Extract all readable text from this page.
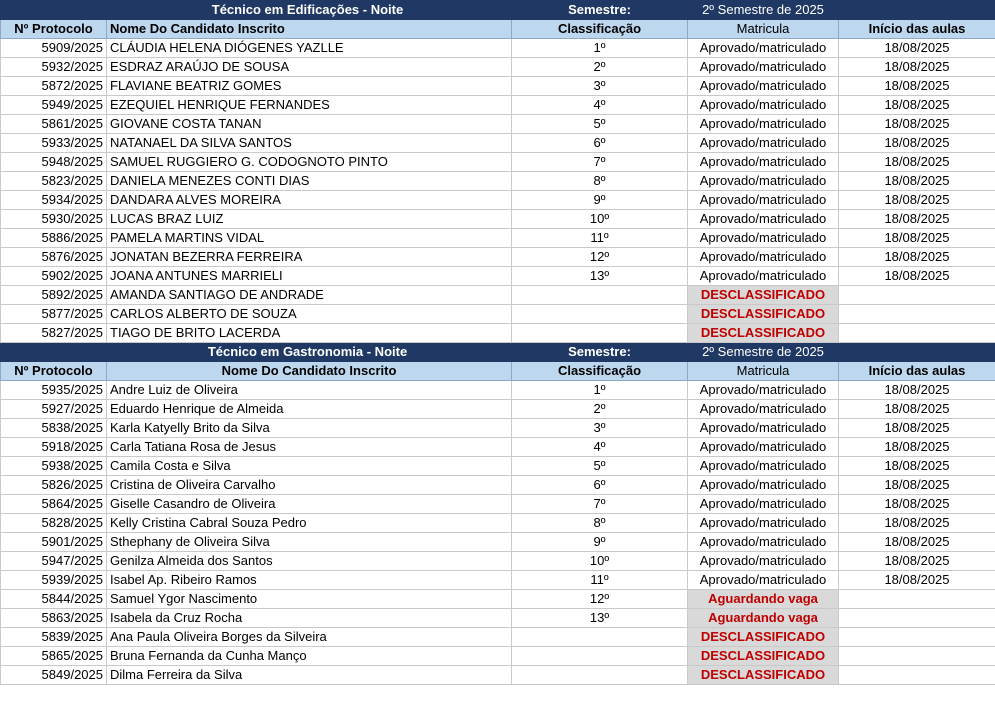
	Técnico em Edificações - Noite	Semestre:	2º Semestre de 2025	
Nº Protocolo	Nome Do Candidato Inscrito	Classificação	Matricula	Início das aulas
5909/2025	CLÁUDIA HELENA DIÓGENES YAZLLE	1º	Aprovado/matriculado	18/08/2025
5932/2025	ESDRAZ ARAÚJO DE SOUSA	2º	Aprovado/matriculado	18/08/2025
5872/2025	FLAVIANE BEATRIZ GOMES	3º	Aprovado/matriculado	18/08/2025
5949/2025	EZEQUIEL HENRIQUE FERNANDES	4º	Aprovado/matriculado	18/08/2025
5861/2025	GIOVANE COSTA TANAN	5º	Aprovado/matriculado	18/08/2025
5933/2025	NATANAEL DA SILVA SANTOS	6º	Aprovado/matriculado	18/08/2025
5948/2025	SAMUEL RUGGIERO G. CODOGNOTO PINTO	7º	Aprovado/matriculado	18/08/2025
5823/2025	DANIELA MENEZES CONTI DIAS	8º	Aprovado/matriculado	18/08/2025
5934/2025	DANDARA ALVES MOREIRA	9º	Aprovado/matriculado	18/08/2025
5930/2025	LUCAS BRAZ LUIZ	10º	Aprovado/matriculado	18/08/2025
5886/2025	PAMELA MARTINS VIDAL	11º	Aprovado/matriculado	18/08/2025
5876/2025	JONATAN BEZERRA FERREIRA	12º	Aprovado/matriculado	18/08/2025
5902/2025	JOANA ANTUNES MARRIELI	13º	Aprovado/matriculado	18/08/2025
5892/2025	AMANDA SANTIAGO DE ANDRADE		DESCLASSIFICADO	
5877/2025	CARLOS ALBERTO DE SOUZA		DESCLASSIFICADO	
5827/2025	TIAGO DE BRITO LACERDA		DESCLASSIFICADO	
	Técnico em Gastronomia - Noite	Semestre:	2º Semestre de 2025	
Nº Protocolo	Nome Do Candidato Inscrito	Classificação	Matricula	Início das aulas
5935/2025	Andre Luiz de Oliveira	1º	Aprovado/matriculado	18/08/2025
5927/2025	Eduardo Henrique de Almeida	2º	Aprovado/matriculado	18/08/2025
5838/2025	Karla Katyelly Brito da Silva	3º	Aprovado/matriculado	18/08/2025
5918/2025	Carla Tatiana Rosa de Jesus	4º	Aprovado/matriculado	18/08/2025
5938/2025	Camila Costa e Silva	5º	Aprovado/matriculado	18/08/2025
5826/2025	Cristina de Oliveira Carvalho	6º	Aprovado/matriculado	18/08/2025
5864/2025	Giselle Casandro de Oliveira	7º	Aprovado/matriculado	18/08/2025
5828/2025	Kelly Cristina Cabral Souza Pedro	8º	Aprovado/matriculado	18/08/2025
5901/2025	Sthephany de Oliveira Silva	9º	Aprovado/matriculado	18/08/2025
5947/2025	Genilza Almeida dos Santos	10º	Aprovado/matriculado	18/08/2025
5939/2025	Isabel Ap. Ribeiro Ramos	11º	Aprovado/matriculado	18/08/2025
5844/2025	Samuel Ygor Nascimento	12º	Aguardando vaga	
5863/2025	Isabela da Cruz Rocha	13º	Aguardando vaga	
5839/2025	Ana Paula Oliveira Borges da Silveira		DESCLASSIFICADO	
5865/2025	Bruna Fernanda da Cunha Manço		DESCLASSIFICADO	
5849/2025	Dilma Ferreira da Silva		DESCLASSIFICADO	
